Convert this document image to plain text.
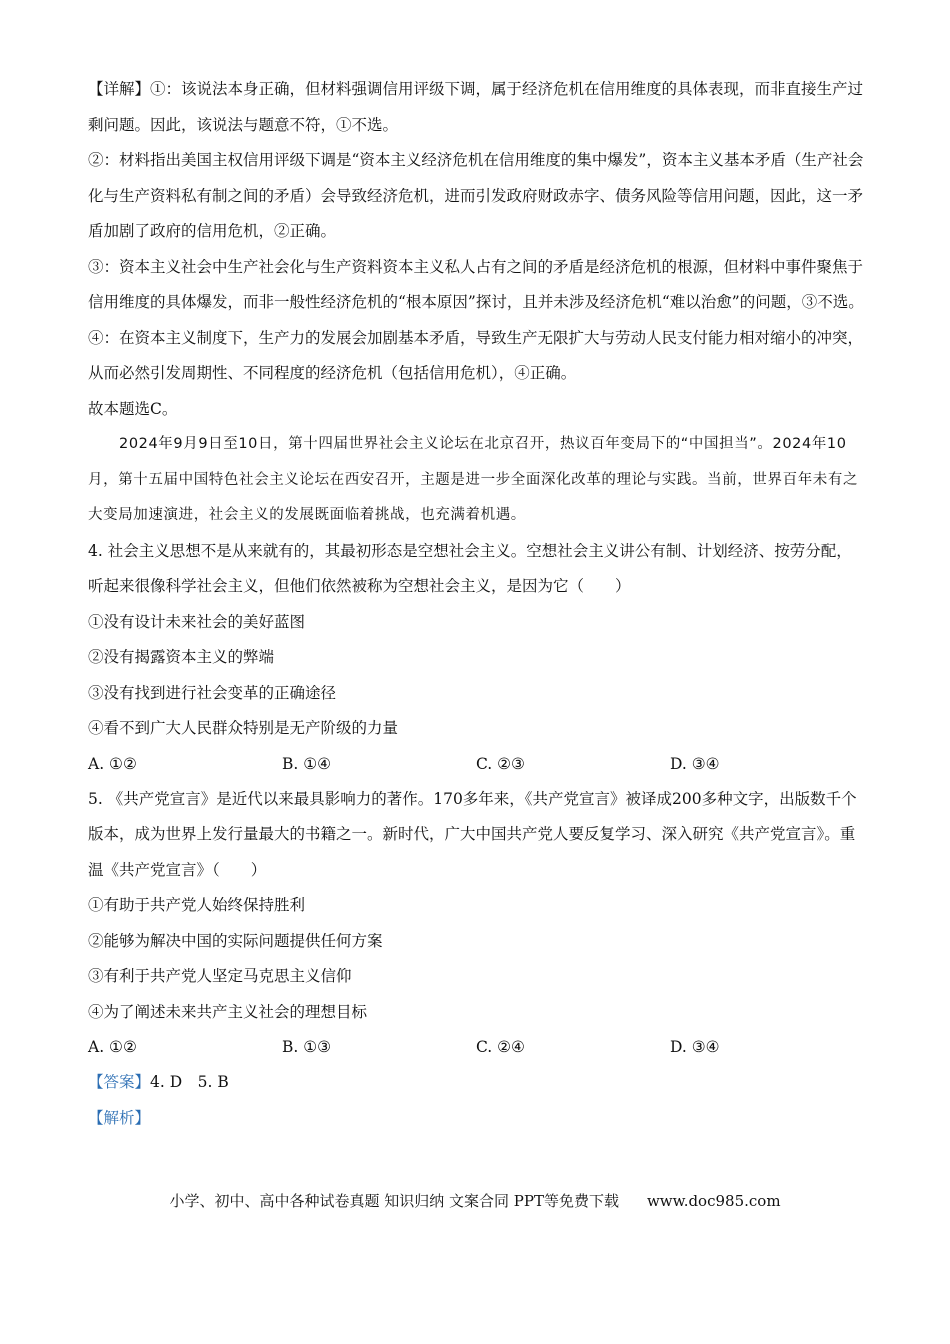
【详解】①：该说法本身正确，但材料强调信用评级下调，属于经济危机在信用维度的具体表现，而非直接生产过剩问题。因此，该说法与题意不符，①不选。

②：材料指出美国主权信用评级下调是“资本主义经济危机在信用维度的集中爆发”，资本主义基本矛盾（生产社会化与生产资料私有制之间的矛盾）会导致经济危机，进而引发政府财政赤字、债务风险等信用问题，因此，这一矛盾加剧了政府的信用危机，②正确。

③：资本主义社会中生产社会化与生产资料资本主义私人占有之间的矛盾是经济危机的根源，但材料中事件聚焦于信用维度的具体爆发，而非一般性经济危机的“根本原因”探讨，且并未涉及经济危机“难以治愈”的问题，③不选。

④：在资本主义制度下，生产力的发展会加剧基本矛盾，导致生产无限扩大与劳动人民支付能力相对缩小的冲突，从而必然引发周期性、不同程度的经济危机（包括信用危机），④正确。

故本题选C。

2024年9月9日至10日，第十四届世界社会主义论坛在北京召开，热议百年变局下的“中国担当”。2024年10月，第十五届中国特色社会主义论坛在西安召开，主题是进一步全面深化改革的理论与实践。当前，世界百年未有之大变局加速演进，社会主义的发展既面临着挑战，也充满着机遇。

4. 社会主义思想不是从来就有的，其最初形态是空想社会主义。空想社会主义讲公有制、计划经济、按劳分配，听起来很像科学社会主义，但他们依然被称为空想社会主义，是因为它（　　）

①没有设计未来社会的美好蓝图

②没有揭露资本主义的弊端

③没有找到进行社会变革的正确途径

④看不到广大人民群众特别是无产阶级的力量

A. ①②	B. ①④	C. ②③	D. ③④

5. 《共产党宣言》是近代以来最具影响力的著作。170多年来，《共产党宣言》被译成200多种文字，出版数千个版本，成为世界上发行量最大的书籍之一。新时代，广大中国共产党人要反复学习、深入研究《共产党宣言》。重温《共产党宣言》（　　）

①有助于共产党人始终保持胜利

②能够为解决中国的实际问题提供任何方案

③有利于共产党人坚定马克思主义信仰

④为了阐述未来共产主义社会的理想目标

A. ①②	B. ①③	C. ②④	D. ③④

【答案】4. D　5. B

【解析】

小学、初中、高中各种试卷真题 知识归纳 文案合同 PPT等免费下载 www.doc985.com
